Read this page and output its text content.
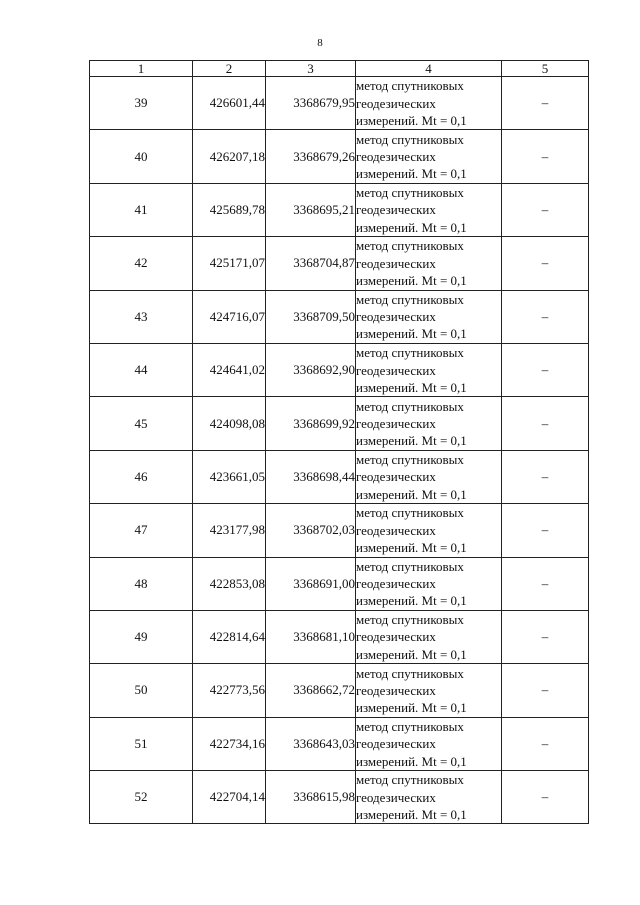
8
1	2	3	4	5
39	426601,44	3368679,95	метод спутниковых
геодезических
измерений. Mt = 0,1	–
40	426207,18	3368679,26	метод спутниковых
геодезических
измерений. Mt = 0,1	–
41	425689,78	3368695,21	метод спутниковых
геодезических
измерений. Mt = 0,1	–
42	425171,07	3368704,87	метод спутниковых
геодезических
измерений. Mt = 0,1	–
43	424716,07	3368709,50	метод спутниковых
геодезических
измерений. Mt = 0,1	–
44	424641,02	3368692,90	метод спутниковых
геодезических
измерений. Mt = 0,1	–
45	424098,08	3368699,92	метод спутниковых
геодезических
измерений. Mt = 0,1	–
46	423661,05	3368698,44	метод спутниковых
геодезических
измерений. Mt = 0,1	–
47	423177,98	3368702,03	метод спутниковых
геодезических
измерений. Mt = 0,1	–
48	422853,08	3368691,00	метод спутниковых
геодезических
измерений. Mt = 0,1	–
49	422814,64	3368681,10	метод спутниковых
геодезических
измерений. Mt = 0,1	–
50	422773,56	3368662,72	метод спутниковых
геодезических
измерений. Mt = 0,1	–
51	422734,16	3368643,03	метод спутниковых
геодезических
измерений. Mt = 0,1	–
52	422704,14	3368615,98	метод спутниковых
геодезических
измерений. Mt = 0,1	–
